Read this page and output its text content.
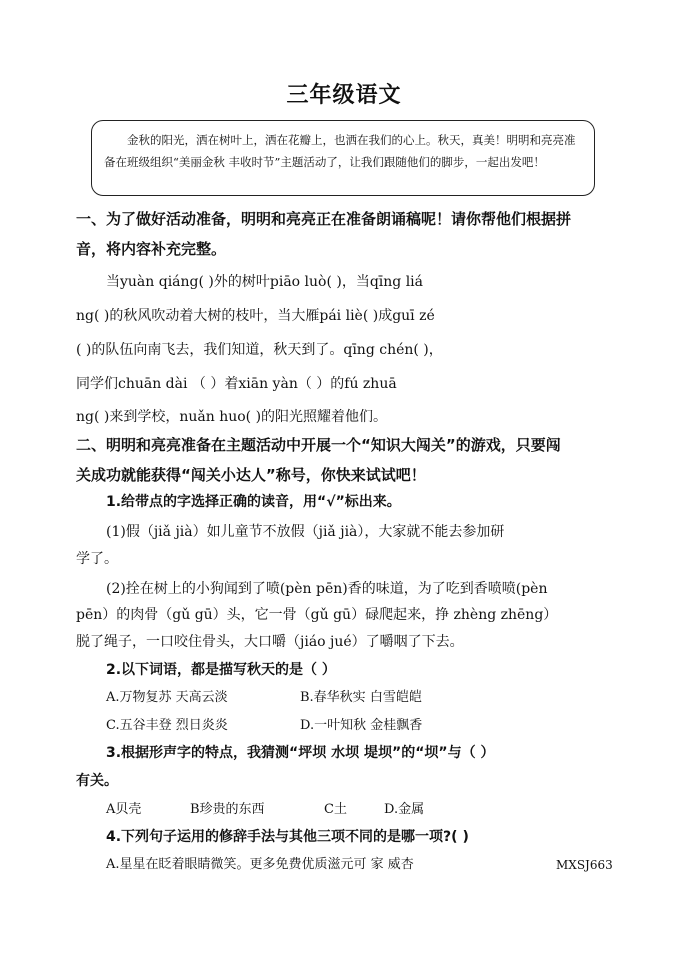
三年级语文
金秋的阳光，洒在树叶上，洒在花瓣上，也洒在我们的心上。秋天，真美！明明和亮亮准备在班级组织“美丽金秋 丰收时节”主题活动了，让我们跟随他们的脚步，一起出发吧！
一、为了做好活动准备，明明和亮亮正在准备朗诵稿呢！请你帮他们根据拼
音，将内容补充完整。
当yuàn qiáng( )外的树叶piāo luò( )，当qīng liá
ng( )的秋风吹动着大树的枝叶，当大雁pái liè( )成guī zé
( )的队伍向南飞去，我们知道，秋天到了。qīng chén( )，
同学们chuān dài （ ）着xiān yàn（ ）的fú zhuā
ng( )来到学校，nuǎn huo( )的阳光照耀着他们。
二、明明和亮亮准备在主题活动中开展一个“知识大闯关”的游戏，只要闯
关成功就能获得“闯关小达人”称号，你快来试试吧！
1.给带点的字选择正确的读音，用“√”标出来。
(1)假（jiǎ jià）如儿童节不放假（jiǎ jià），大家就不能去参加研
学了。
(2)拴在树上的小狗闻到了喷(pèn pēn)香的味道，为了吃到香喷喷(pèn
pēn）的肉骨（gǔ gū）头，它一骨（gǔ gū）碌爬起来，挣 zhèng zhēng）
脱了绳子，一口咬住骨头，大口嚼（jiáo jué）了嚼咽了下去。
2.以下词语，都是描写秋天的是（ ）
A.万物复苏 天高云淡	B.春华秋实 白雪皑皑
C.五谷丰登 烈日炎炎	D.一叶知秋 金桂飘香
3.根据形声字的特点，我猜测“坪坝 水坝 堤坝”的“坝”与（ ）
有关。
A贝壳	B珍贵的东西	C土	D.金属
4.下列句子运用的修辞手法与其他三项不同的是哪一项?( )
A.星星在眨着眼睛微笑。更多免费优质滋元可 家 威杏	MXSJ663
